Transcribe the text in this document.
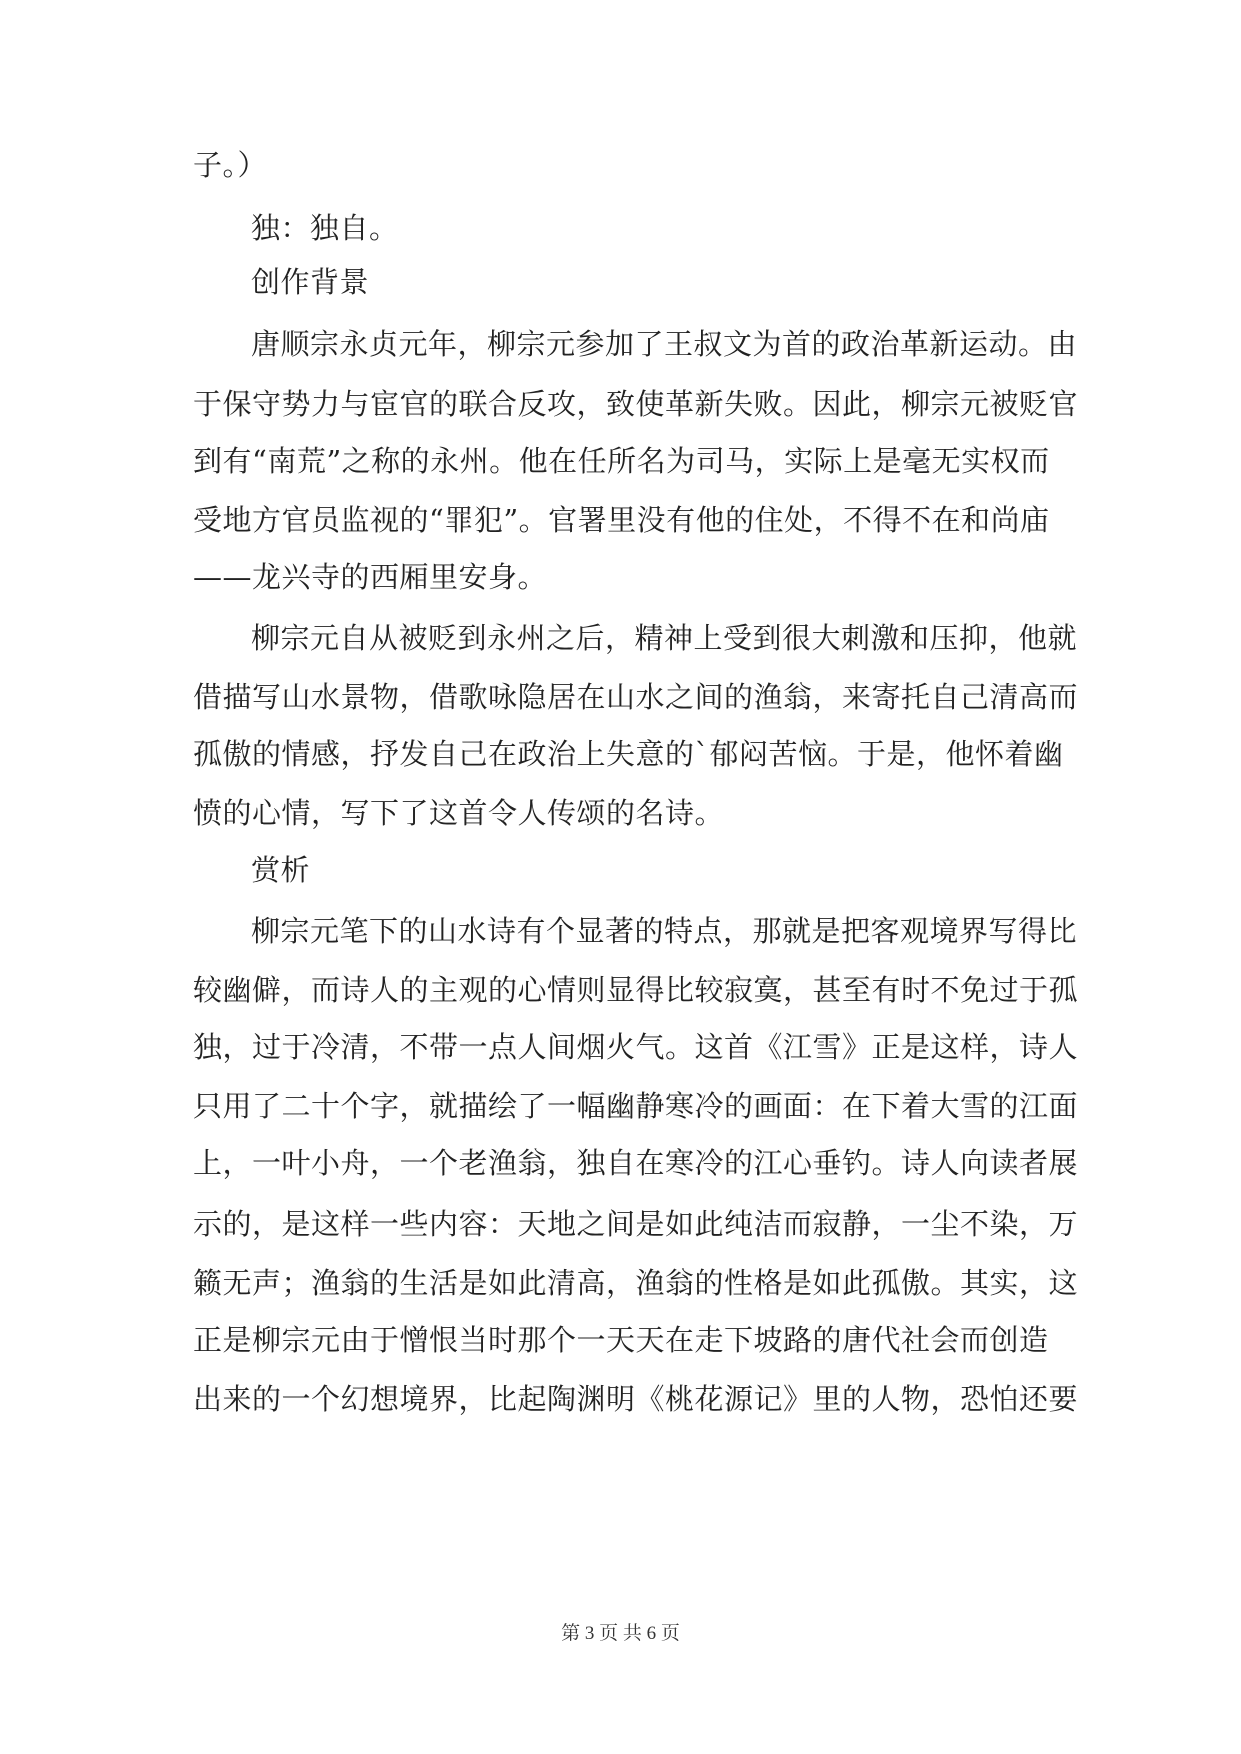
子。）
独：独自。
创作背景
唐顺宗永贞元年，柳宗元参加了王叔文为首的政治革新运动。由
于保守势力与宦官的联合反攻，致使革新失败。因此，柳宗元被贬官
到有“南荒”之称的永州。他在任所名为司马，实际上是毫无实权而
受地方官员监视的“罪犯”。官署里没有他的住处，不得不在和尚庙
——龙兴寺的西厢里安身。
柳宗元自从被贬到永州之后，精神上受到很大刺激和压抑，他就
借描写山水景物，借歌咏隐居在山水之间的渔翁，来寄托自己清高而
孤傲的情感，抒发自己在政治上失意的`郁闷苦恼。于是，他怀着幽
愤的心情，写下了这首令人传颂的名诗。
赏析
柳宗元笔下的山水诗有个显著的特点，那就是把客观境界写得比
较幽僻，而诗人的主观的心情则显得比较寂寞，甚至有时不免过于孤
独，过于冷清，不带一点人间烟火气。这首《江雪》正是这样，诗人
只用了二十个字，就描绘了一幅幽静寒冷的画面：在下着大雪的江面
上，一叶小舟，一个老渔翁，独自在寒冷的江心垂钓。诗人向读者展
示的，是这样一些内容：天地之间是如此纯洁而寂静，一尘不染，万
籁无声；渔翁的生活是如此清高，渔翁的性格是如此孤傲。其实，这
正是柳宗元由于憎恨当时那个一天天在走下坡路的唐代社会而创造
出来的一个幻想境界，比起陶渊明《桃花源记》里的人物，恐怕还要
第 3 页 共 6 页
